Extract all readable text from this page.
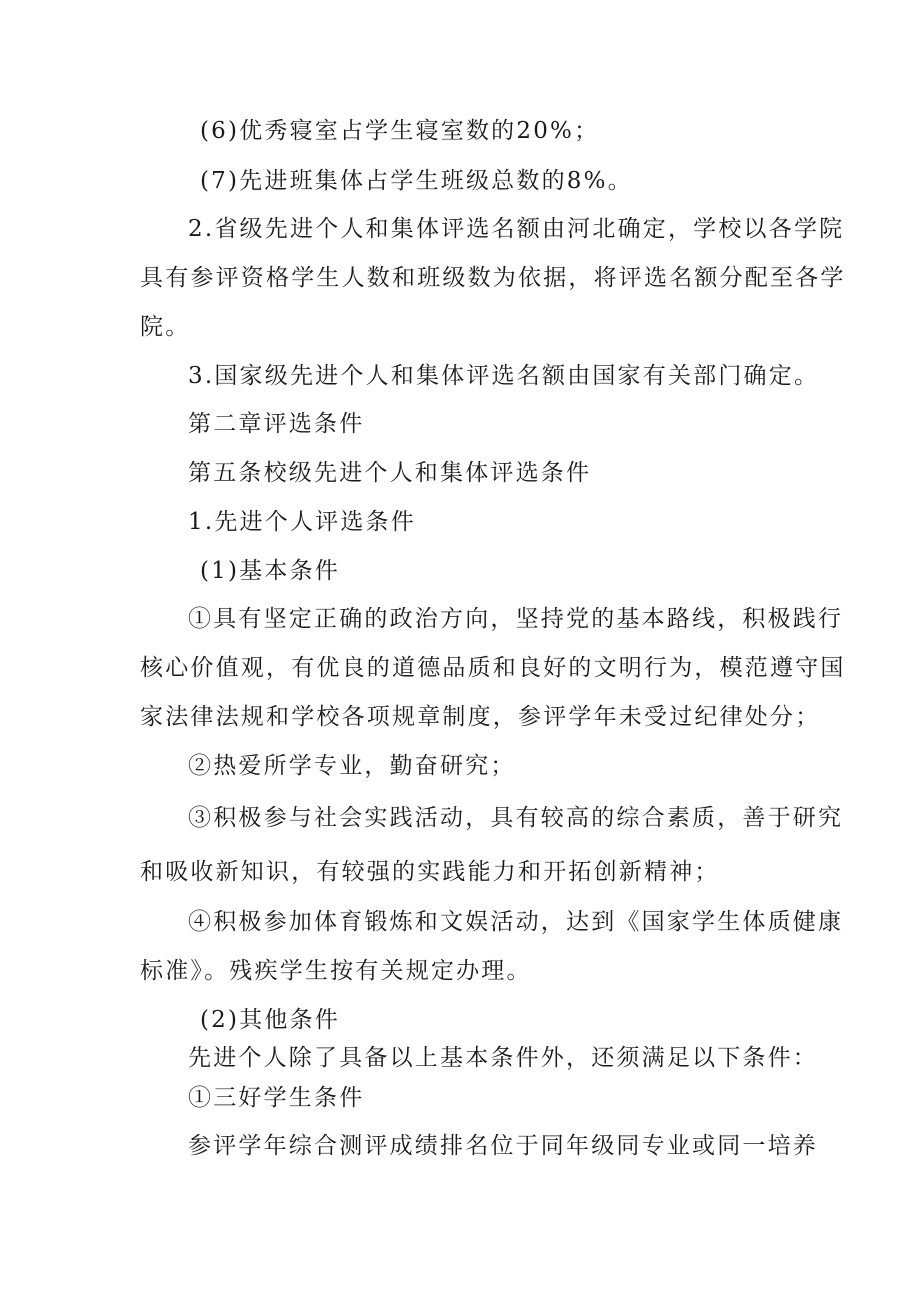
(6)优秀寝室占学生寝室数的20%；
(7)先进班集体占学生班级总数的8%。
2.省级先进个人和集体评选名额由河北确定，学校以各学院
具有参评资格学生人数和班级数为依据，将评选名额分配至各学
院。
3.国家级先进个人和集体评选名额由国家有关部门确定。
第二章评选条件
第五条校级先进个人和集体评选条件
1.先进个人评选条件
(1)基本条件
①具有坚定正确的政治方向，坚持党的基本路线，积极践行
核心价值观，有优良的道德品质和良好的文明行为，模范遵守国
家法律法规和学校各项规章制度，参评学年未受过纪律处分；
②热爱所学专业，勤奋研究；
③积极参与社会实践活动，具有较高的综合素质，善于研究
和吸收新知识，有较强的实践能力和开拓创新精神；
④积极参加体育锻炼和文娱活动，达到《国家学生体质健康
标准》。残疾学生按有关规定办理。
(2)其他条件
先进个人除了具备以上基本条件外，还须满足以下条件：
①三好学生条件
参评学年综合测评成绩排名位于同年级同专业或同一培养
